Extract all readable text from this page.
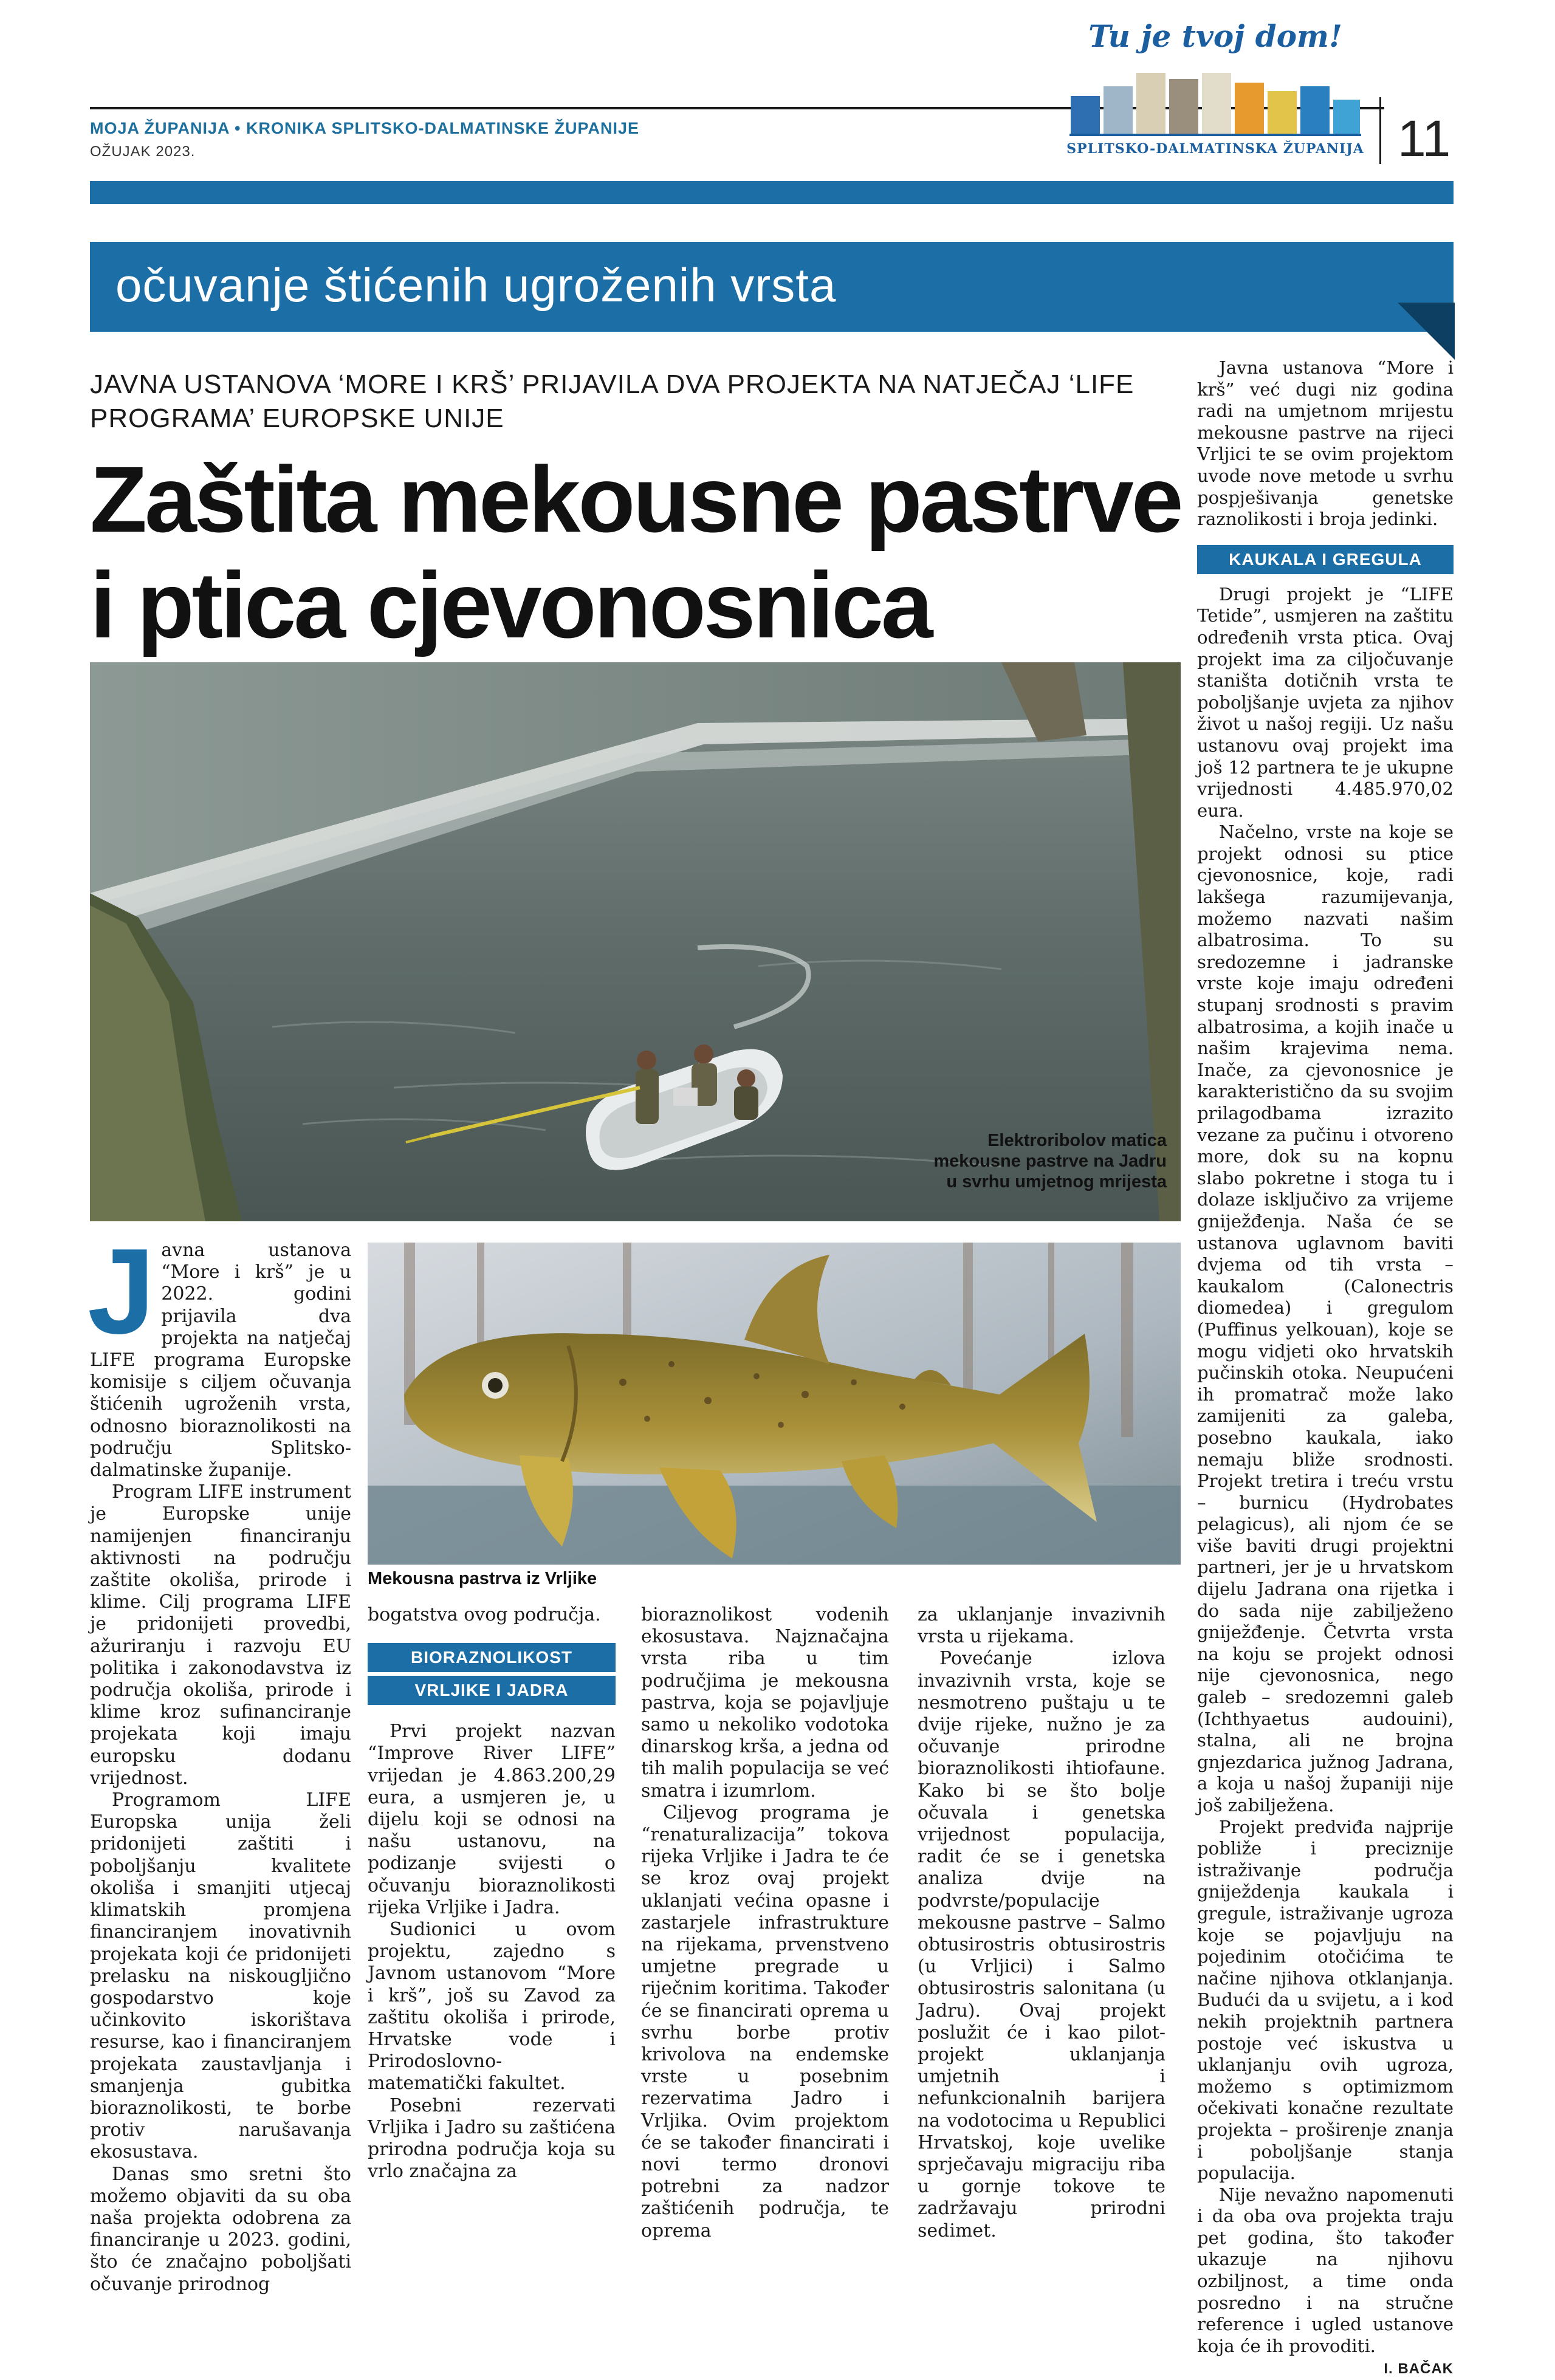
MOJA ŽUPANIJA • KRONIKA SPLITSKO-DALMATINSKE ŽUPANIJE
OŽUJAK 2023.	11
Tu je tvoj dom!
SPLITSKO-DALMATINSKA ŽUPANIJA
očuvanje štićenih ugroženih vrsta
JAVNA USTANOVA ‘MORE I KRŠ’ PRIJAVILA DVA PROJEKTA NA NATJEČAJ ‘LIFE PROGRAMA’ EUROPSKE UNIJE
Zaštita mekousne pastrve
i ptica cjevonosnica
Elektroribolov matica
mekousne pastrve na Jadru
u svrhu umjetnog mrijesta
Mekousna pastrva iz Vrljike
J avna ustanova “More i krš” je u 2022. godini prijavila dva projekta na natječaj LIFE programa Europske komisije s ciljem očuvanja štićenih ugroženih vrsta, odnosno bioraznolikosti na području Splitsko-dalmatinske županije.

Program LIFE instrument je Europske unije namijenjen financiranju aktivnosti na području zaštite okoliša, prirode i klime. Cilj programa LIFE je pridonijeti provedbi, ažuriranju i razvoju EU politika i zakonodavstva iz područja okoliša, prirode i klime kroz sufinanciranje projekata koji imaju europsku dodanu vrijednost.

Programom LIFE Europska unija želi pridonijeti zaštiti i poboljšanju kvalitete okoliša i smanjiti utjecaj klimatskih promjena financiranjem inovativnih projekata koji će pridonijeti prelasku na niskougljično gospodarstvo koje učinkovito iskorištava resurse, kao i financiranjem projekata zaustavljanja i smanjenja gubitka bioraznolikosti, te borbe protiv narušavanja ekosustava.

Danas smo sretni što možemo objaviti da su oba naša projekta odobrena za financiranje u 2023. godini, što će značajno poboljšati očuvanje prirodnog

bogatstva ovog područja.

BIORAZNOLIKOST
VRLJIKE I JADRA

Prvi projekt nazvan “Improve River LIFE” vrijedan je 4.863.200,29 eura, a usmjeren je, u dijelu koji se odnosi na našu ustanovu, na podizanje svijesti o očuvanju bioraznolikosti rijeka Vrljike i Jadra.

Sudionici u ovom projektu, zajedno s Javnom ustanovom “More i krš”, još su Zavod za zaštitu okoliša i prirode, Hrvatske vode i Prirodoslovno-matematički fakultet.

Posebni rezervati Vrljika i Jadro su zaštićena prirodna područja koja su vrlo značajna za

bioraznolikost vodenih ekosustava. Najznačajna vrsta riba u tim područjima je mekousna pastrva, koja se pojavljuje samo u nekoliko vodotoka dinarskog krša, a jedna od tih malih populacija se već smatra i izumrlom.

Ciljevog programa je “renaturalizacija” tokova rijeka Vrljike i Jadra te će se kroz ovaj projekt uklanjati većina opasne i zastarjele infrastrukture na rijekama, prvenstveno umjetne pregrade u riječnim koritima. Također će se financirati oprema u svrhu borbe protiv krivolova na endemske vrste u posebnim rezervatima Jadro i Vrljika. Ovim projektom će se također financirati i novi termo dronovi potrebni za nadzor zaštićenih područja, te oprema

za uklanjanje invazivnih vrsta u rijekama.

Povećanje izlova invazivnih vrsta, koje se nesmotreno puštaju u te dvije rijeke, nužno je za očuvanje prirodne bioraznolikosti ihtiofaune. Kako bi se što bolje očuvala i genetska vrijednost populacija, radit će se i genetska analiza dvije na podvrste/populacije mekousne pastrve – Salmo obtusirostris obtusirostris (u Vrljici) i Salmo obtusirostris salonitana (u Jadru). Ovaj projekt poslužit će i kao pilot-projekt uklanjanja umjetnih i nefunkcionalnih barijera na vodotocima u Republici Hrvatskoj, koje uvelike sprječavaju migraciju riba u gornje tokove te zadržavaju prirodni sedimet.

Javna ustanova “More i krš” već dugi niz godina radi na umjetnom mrijestu mekousne pastrve na rijeci Vrljici te se ovim projektom uvode nove metode u svrhu pospješivanja genetske raznolikosti i broja jedinki.

KAUKALA I GREGULA

Drugi projekt je “LIFE Tetide”, usmjeren na zaštitu određenih vrsta ptica. Ovaj projekt ima za ciljočuvanje staništa dotičnih vrsta te poboljšanje uvjeta za njihov život u našoj regiji. Uz našu ustanovu ovaj projekt ima još 12 partnera te je ukupne vrijednosti 4.485.970,02 eura.

Načelno, vrste na koje se projekt odnosi su ptice cjevonosnice, koje, radi lakšega razumijevanja, možemo nazvati našim albatrosima. To su sredozemne i jadranske vrste koje imaju određeni stupanj srodnosti s pravim albatrosima, a kojih inače u našim krajevima nema. Inače, za cjevonosnice je karakteristično da su svojim prilagodbama izrazito vezane za pučinu i otvoreno more, dok su na kopnu slabo pokretne i stoga tu i dolaze isključivo za vrijeme gniježđenja. Naša će se ustanova uglavnom baviti dvjema od tih vrsta – kaukalom (Calonectris diomedea) i gregulom (Puffinus yelkouan), koje se mogu vidjeti oko hrvatskih pučinskih otoka. Neupućeni ih promatrač može lako zamijeniti za galeba, posebno kaukala, iako nemaju bliže srodnosti. Projekt tretira i treću vrstu – burnicu (Hydrobates pelagicus), ali njom će se više baviti drugi projektni partneri, jer je u hrvatskom dijelu Jadrana ona rijetka i do sada nije zabilježeno gniježđenje. Četvrta vrsta na koju se projekt odnosi nije cjevonosnica, nego galeb – sredozemni galeb (Ichthyaetus audouini), stalna, ali ne brojna gnjezdarica južnog Jadrana, a koja u našoj županiji nije još zabilježena.

Projekt predviđa najprije pobliže i preciznije istraživanje područja gniježdenja kaukala i gregule, istraživanje ugroza koje se pojavljuju na pojedinim otočićima te načine njihova otklanjanja. Budući da u svijetu, a i kod nekih projektnih partnera postoje već iskustva u uklanjanju ovih ugroza, možemo s optimizmom očekivati konačne rezultate projekta – proširenje znanja i poboljšanje stanja populacija.

Nije nevažno napomenuti i da oba ova projekta traju pet godina, što također ukazuje na njihovu ozbiljnost, a time onda posredno i na stručne reference i ugled ustanove koja će ih provoditi.

I. BAČAK
